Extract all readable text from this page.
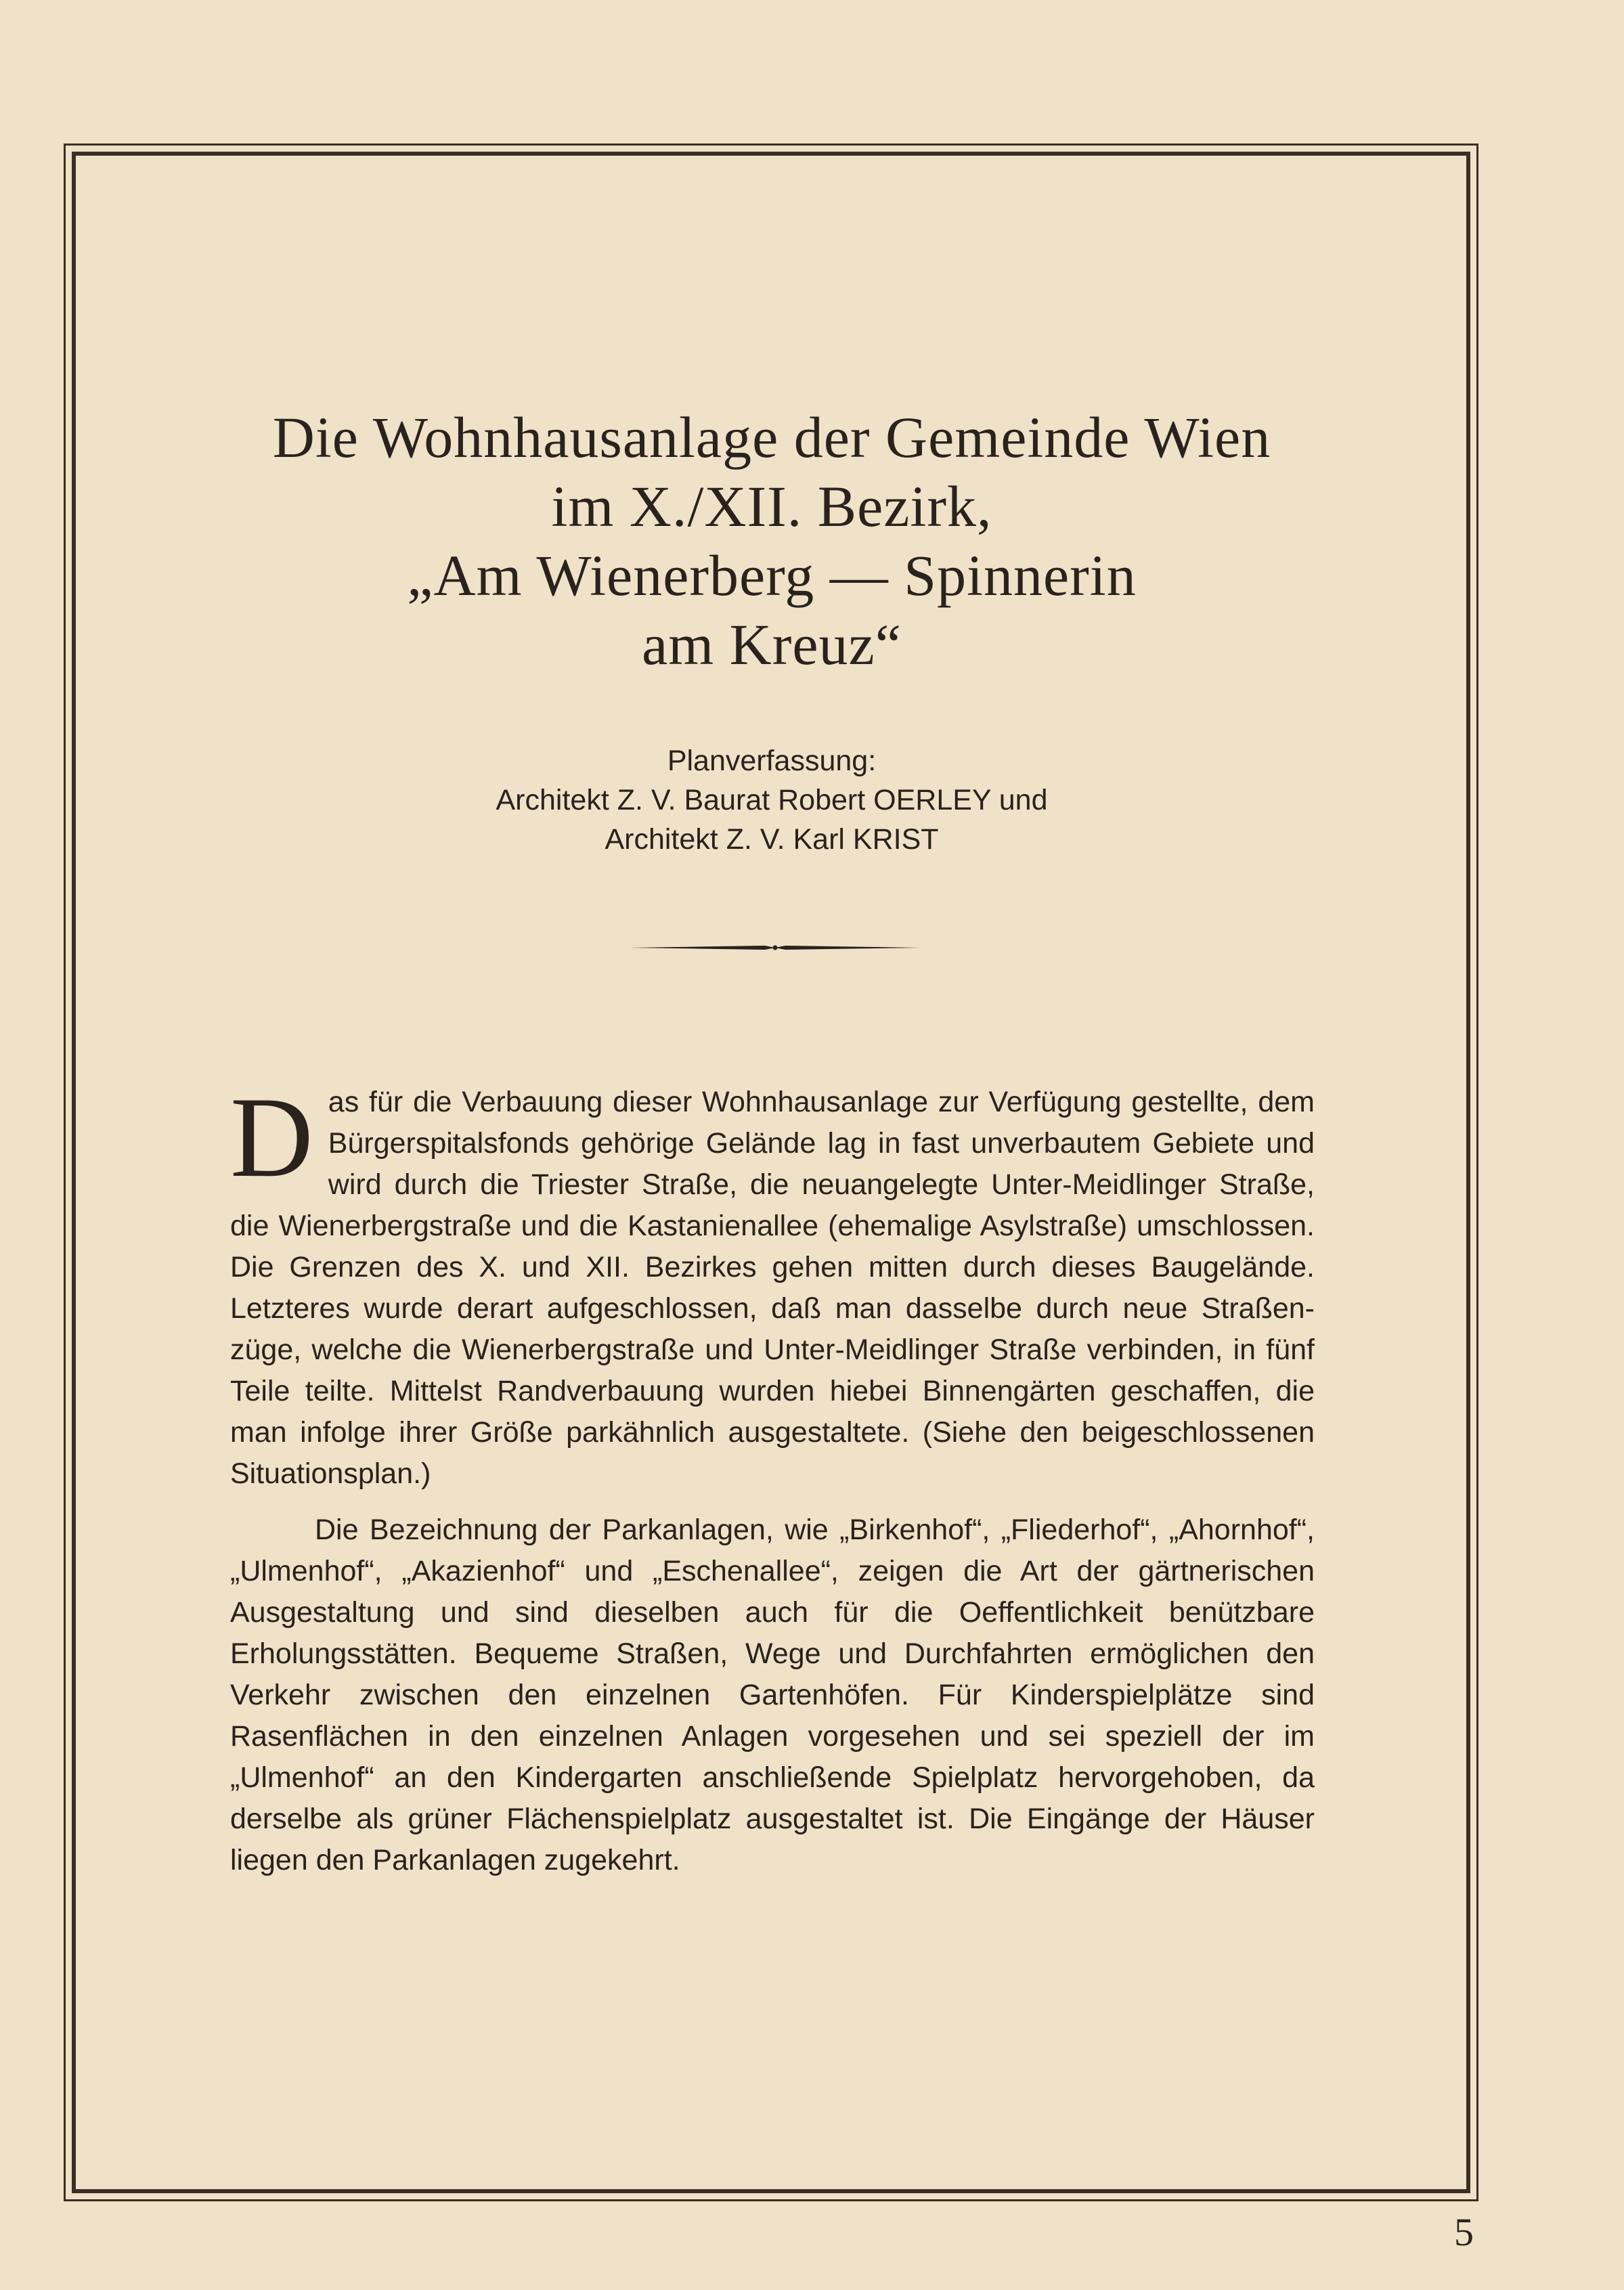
Die Wohnhausanlage der Gemeinde Wien
im X./XII. Bezirk,
„Am Wienerberg — Spinnerin
am Kreuz“
Planverfassung:
Architekt Z. V. Baurat Robert OERLEY und
Architekt Z. V. Karl KRIST

Das für die Verbauung dieser Wohnhausanlage zur Verfügung gestellte, dem Bürgerspitalsfonds gehörige Gelände lag in fast unverbautem Gebiete und wird durch die Triester Straße, die neuangelegte Unter-Meidlinger Straße, die Wienerbergstraße und die Kastanienallee (ehemalige Asylstraße) umschlossen. Die Grenzen des X. und XII. Bezirkes gehen mitten durch dieses Baugelände. Letzteres wurde derart aufgeschlossen, daß man dasselbe durch neue Straßenzüge, welche die Wienerbergstraße und Unter-Meidlinger Straße verbinden, in fünf Teile teilte. Mittelst Randverbauung wurden hiebei Binnengärten geschaffen, die man infolge ihrer Größe parkähnlich ausgestaltete. (Siehe den beigeschlossenen Situationsplan.)

Die Bezeichnung der Parkanlagen, wie „Birkenhof“, „Fliederhof“, „Ahornhof“, „Ulmenhof“, „Akazienhof“ und „Eschenallee“, zeigen die Art der gärtnerischen Ausgestaltung und sind dieselben auch für die Oeffentlichkeit benützbare Erholungsstätten. Bequeme Straßen, Wege und Durchfahrten ermöglichen den Verkehr zwischen den einzelnen Gartenhöfen. Für Kinderspielplätze sind Rasenflächen in den einzelnen Anlagen vorgesehen und sei speziell der im „Ulmenhof“ an den Kindergarten anschließende Spielplatz hervorgehoben, da derselbe als grüner Flächenspielplatz ausgestaltet ist. Die Eingänge der Häuser liegen den Parkanlagen zugekehrt.

5
